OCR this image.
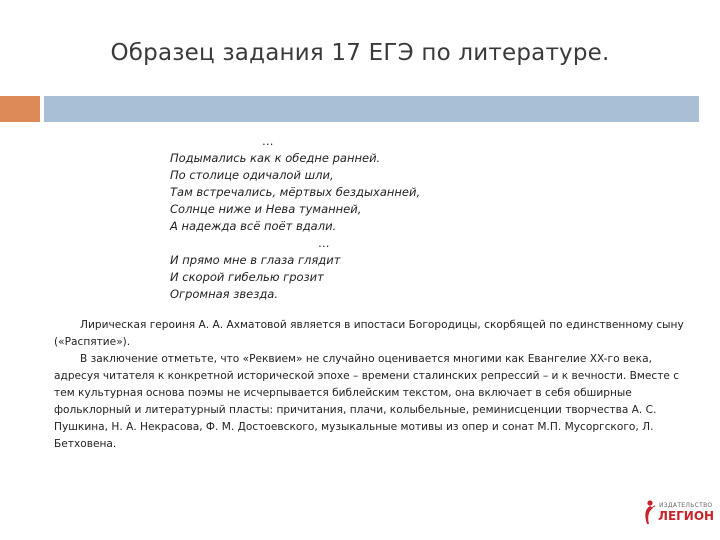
Образец задания 17 ЕГЭ по литературе.
…
Подымались как к обедне ранней.
По столице одичалой шли,
Там встречались, мёртвых бездыханней,
Солнце ниже и Нева туманней,
А надежда всё поёт вдали.
…
И прямо мне в глаза глядит
И скорой гибелью грозит
Огромная звезда.

Лирическая героиня А. А. Ахматовой является в ипостаси Богородицы, скорбящей по единственному сыну («Распятие»).

В заключение отметьте, что «Реквием» не случайно оценивается многими как Евангелие XX-го века, адресуя читателя к конкретной исторической эпохе – времени сталинских репрессий – и к вечности. Вместе с тем культурная основа поэмы не исчерпывается библейским текстом, она включает в себя обширные фольклорный и литературный пласты: причитания, плачи, колыбельные, реминисценции творчества А. С. Пушкина, Н. А. Некрасова, Ф. М. Достоевского, музыкальные мотивы из опер и сонат М.П. Мусоргского, Л. Бетховена.

ИЗДАТЕЛЬСТВО
ЛЕГИОН
